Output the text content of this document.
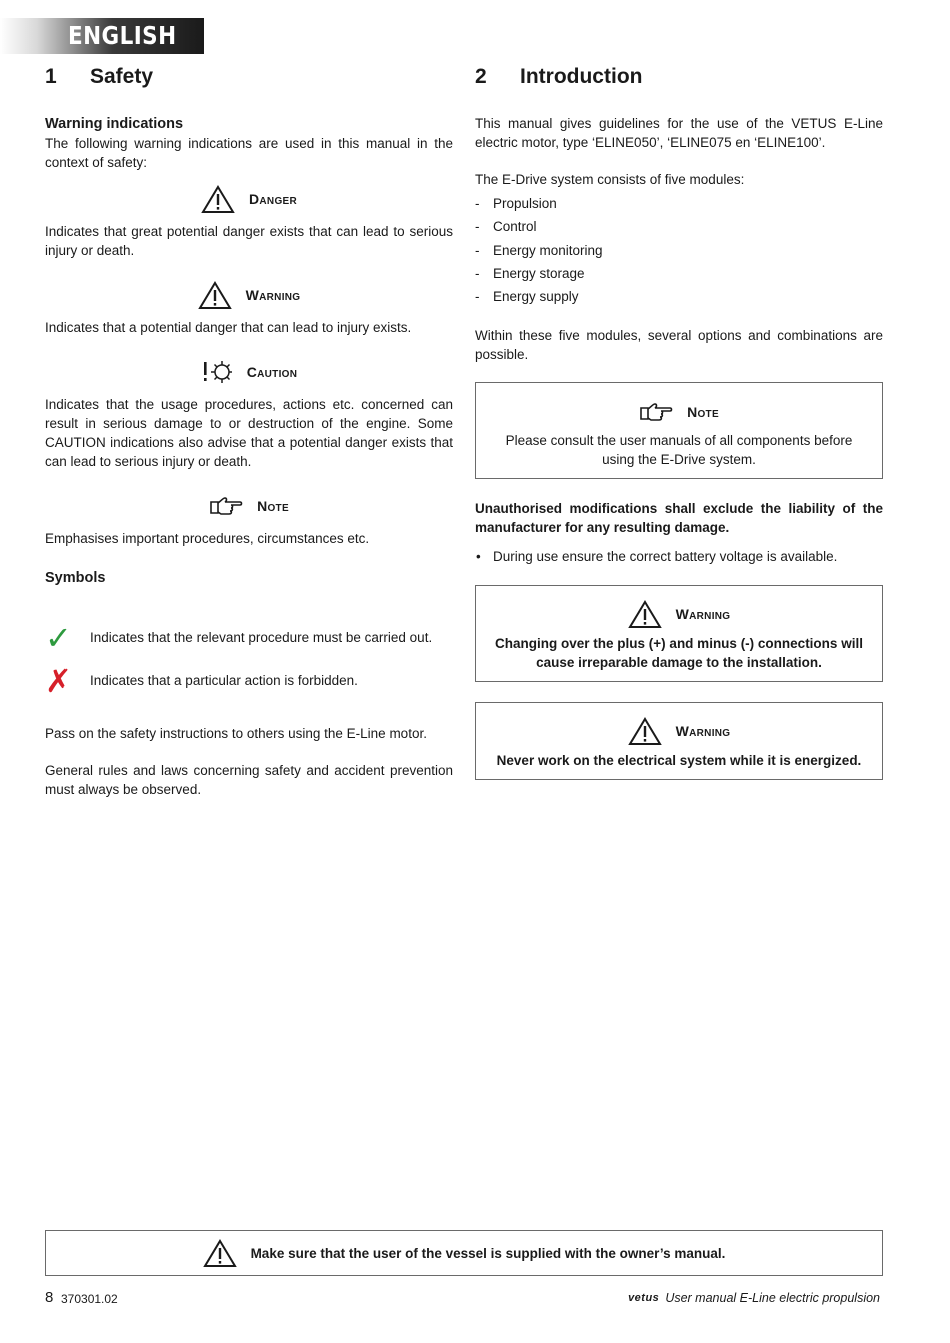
ENGLISH
1	Safety
Warning indications

The following warning indications are used in this manual in the context of safety:

Danger

Indicates that great potential danger exists that can lead to serious injury or death.

Warning

Indicates that a potential danger that can lead to injury exists.

Caution

Indicates that the usage procedures, actions etc. concerned can result in serious damage to or destruction of the engine. Some CAUTION indications also advise that a potential danger exists that can lead to serious injury or death.

Note

Emphasises important procedures, circumstances etc.

Symbols
✓	Indicates that the relevant procedure must be carried out.
✗	Indicates that a particular action is forbidden.

Pass on the safety instructions to others using the E-Line motor.

General rules and laws concerning safety and accident prevention must always be observed.

2	Introduction

This manual gives guidelines for the use of the VETUS E-Line electric motor, type ‘ELINE050’, ‘ELINE075 en ‘ELINE100’.

The E-Drive system consists of five modules:

- Propulsion
- Control
- Energy monitoring
- Energy storage
- Energy supply

Within these five modules, several options and combinations are possible.

Note

Please consult the user manuals of all components before using the E-Drive system.

Unauthorised modifications shall exclude the liability of the manufacturer for any resulting damage.

• During use ensure the correct battery voltage is available.
Warning

Changing over the plus (+) and minus (-) connections will cause irreparable damage to the installation.

Warning

Never work on the electrical system while it is energized.

Make sure that the user of the vessel is supplied with the owner’s manual.
8 370301.02	vetus User manual E-Line electric propulsion
